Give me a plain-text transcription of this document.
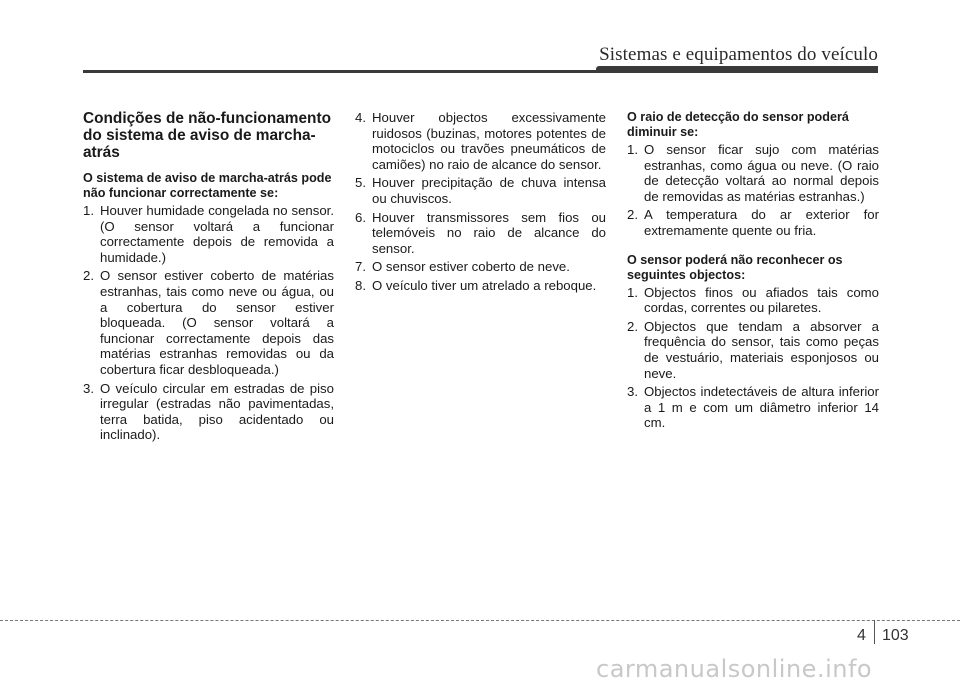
Sistemas e equipamentos do veículo
Condições de não-funcionamento do sistema de aviso de marcha-atrás
O sistema de aviso de marcha-atrás pode não funcionar correctamente se:
1. Houver humidade congelada no sensor. (O sensor voltará a funcionar correctamente depois de removida a humidade.)
2. O sensor estiver coberto de matérias estranhas, tais como neve ou água, ou a cobertura do sensor estiver bloqueada. (O sensor voltará a funcionar correctamente depois das matérias estranhas removidas ou da cobertura ficar desbloqueada.)
3. O veículo circular em estradas de piso irregular (estradas não pavimentadas, terra batida, piso acidentado ou inclinado).
4. Houver objectos excessivamente ruidosos (buzinas, motores potentes de motociclos ou travões pneumáticos de camiões) no raio de alcance do sensor.
5. Houver precipitação de chuva intensa ou chuviscos.
6. Houver transmissores sem fios ou telemóveis no raio de alcance do sensor.
7. O sensor estiver coberto de neve.
8. O veículo tiver um atrelado a reboque.
O raio de detecção do sensor poderá diminuir se:
1. O sensor ficar sujo com matérias estranhas, como água ou neve. (O raio de detecção voltará ao normal depois de removidas as matérias estranhas.)
2. A temperatura do ar exterior for extremamente quente ou fria.
O sensor poderá não reconhecer os seguintes objectos:
1. Objectos finos ou afiados tais como cordas, correntes ou pilaretes.
2. Objectos que tendam a absorver a frequência do sensor, tais como peças de vestuário, materiais esponjosos ou neve.
3. Objectos indetectáveis de altura inferior a 1 m e com um diâmetro inferior 14 cm.
4 103
carmanualsonline.info
